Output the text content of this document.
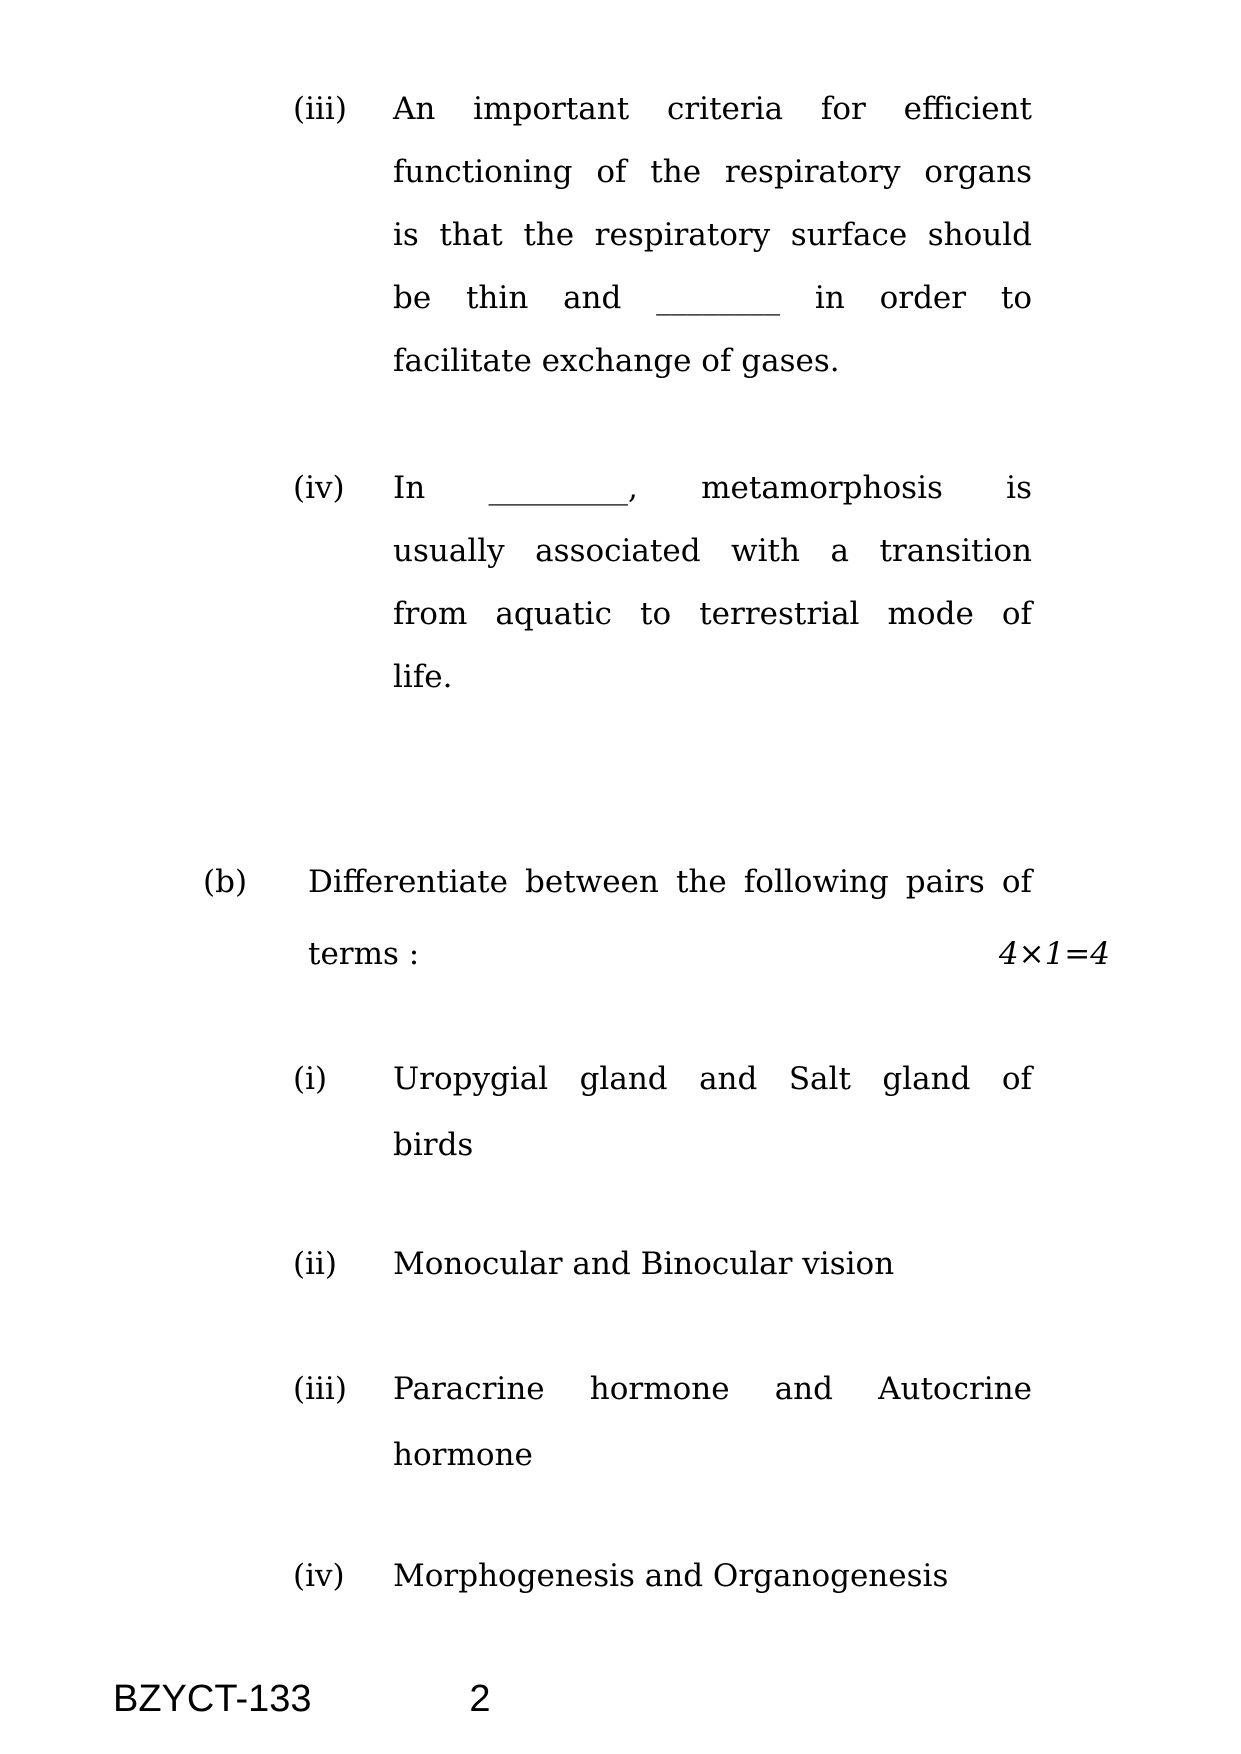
(iii)	An important criteria for efficient
functioning of the respiratory organs
is that the respiratory surface should
be thin and ________ in order to
facilitate exchange of gases.
(iv)	In _________, metamorphosis is
usually associated with a transition
from aquatic to terrestrial mode of
life.
(b)	Differentiate between the following pairs of
terms :	4×1=4
(i)	Uropygial gland and Salt gland of
birds
(ii)	Monocular and Binocular vision
(iii)	Paracrine hormone and Autocrine
hormone
(iv)	Morphogenesis and Organogenesis
BZYCT-133	2
